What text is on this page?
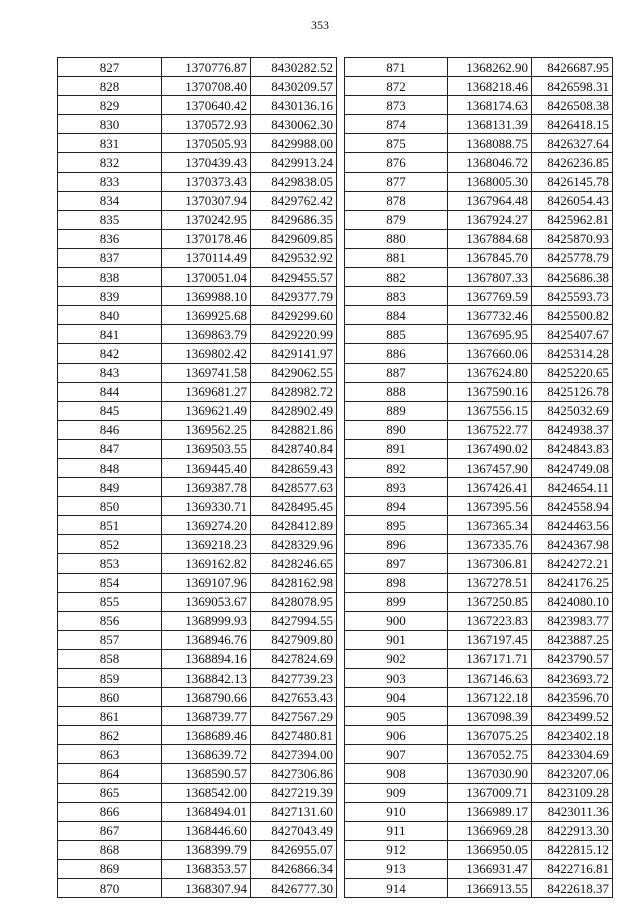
353
827	1370776.87	8430282.52
828	1370708.40	8430209.57
829	1370640.42	8430136.16
830	1370572.93	8430062.30
831	1370505.93	8429988.00
832	1370439.43	8429913.24
833	1370373.43	8429838.05
834	1370307.94	8429762.42
835	1370242.95	8429686.35
836	1370178.46	8429609.85
837	1370114.49	8429532.92
838	1370051.04	8429455.57
839	1369988.10	8429377.79
840	1369925.68	8429299.60
841	1369863.79	8429220.99
842	1369802.42	8429141.97
843	1369741.58	8429062.55
844	1369681.27	8428982.72
845	1369621.49	8428902.49
846	1369562.25	8428821.86
847	1369503.55	8428740.84
848	1369445.40	8428659.43
849	1369387.78	8428577.63
850	1369330.71	8428495.45
851	1369274.20	8428412.89
852	1369218.23	8428329.96
853	1369162.82	8428246.65
854	1369107.96	8428162.98
855	1369053.67	8428078.95
856	1368999.93	8427994.55
857	1368946.76	8427909.80
858	1368894.16	8427824.69
859	1368842.13	8427739.23
860	1368790.66	8427653.43
861	1368739.77	8427567.29
862	1368689.46	8427480.81
863	1368639.72	8427394.00
864	1368590.57	8427306.86
865	1368542.00	8427219.39
866	1368494.01	8427131.60
867	1368446.60	8427043.49
868	1368399.79	8426955.07
869	1368353.57	8426866.34
870	1368307.94	8426777.30
871	1368262.90	8426687.95
872	1368218.46	8426598.31
873	1368174.63	8426508.38
874	1368131.39	8426418.15
875	1368088.75	8426327.64
876	1368046.72	8426236.85
877	1368005.30	8426145.78
878	1367964.48	8426054.43
879	1367924.27	8425962.81
880	1367884.68	8425870.93
881	1367845.70	8425778.79
882	1367807.33	8425686.38
883	1367769.59	8425593.73
884	1367732.46	8425500.82
885	1367695.95	8425407.67
886	1367660.06	8425314.28
887	1367624.80	8425220.65
888	1367590.16	8425126.78
889	1367556.15	8425032.69
890	1367522.77	8424938.37
891	1367490.02	8424843.83
892	1367457.90	8424749.08
893	1367426.41	8424654.11
894	1367395.56	8424558.94
895	1367365.34	8424463.56
896	1367335.76	8424367.98
897	1367306.81	8424272.21
898	1367278.51	8424176.25
899	1367250.85	8424080.10
900	1367223.83	8423983.77
901	1367197.45	8423887.25
902	1367171.71	8423790.57
903	1367146.63	8423693.72
904	1367122.18	8423596.70
905	1367098.39	8423499.52
906	1367075.25	8423402.18
907	1367052.75	8423304.69
908	1367030.90	8423207.06
909	1367009.71	8423109.28
910	1366989.17	8423011.36
911	1366969.28	8422913.30
912	1366950.05	8422815.12
913	1366931.47	8422716.81
914	1366913.55	8422618.37
